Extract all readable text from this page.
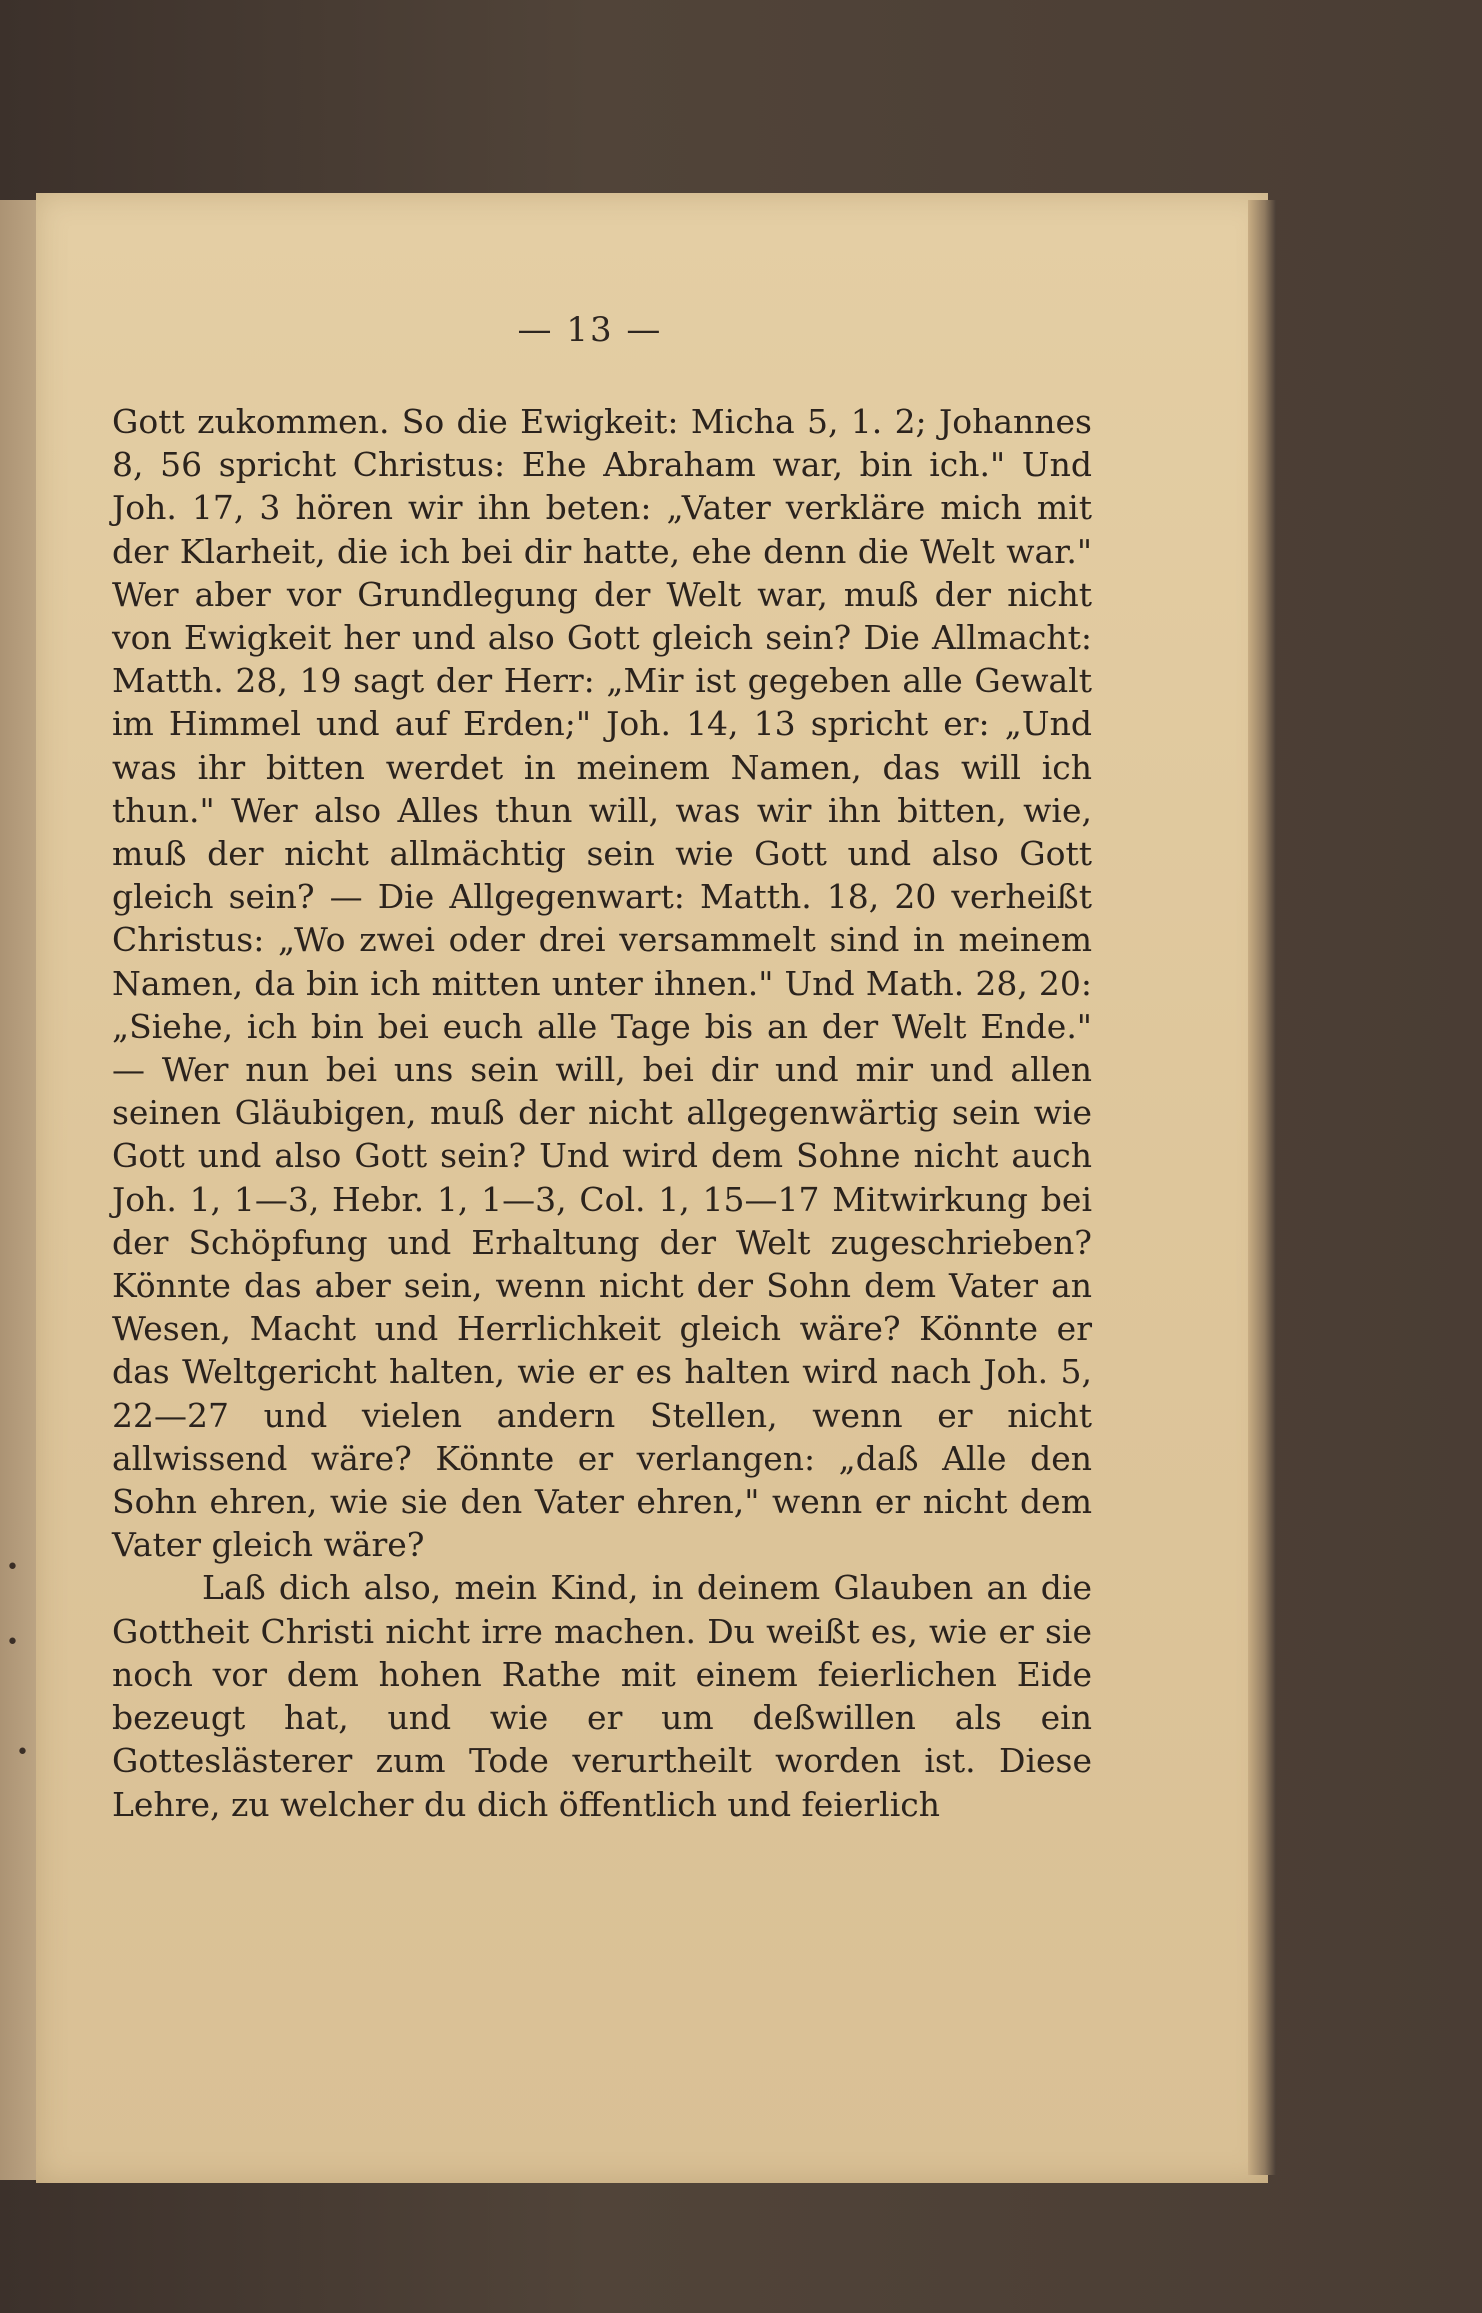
•
•
•
— 13 —

Gott zukommen. So die Ewigkeit: Micha 5, 1. 2; Johannes 8, 56 spricht Christus: Ehe Abraham war, bin ich." Und Joh. 17, 3 hören wir ihn beten: „Vater verkläre mich mit der Klarheit, die ich bei dir hatte, ehe denn die Welt war." Wer aber vor Grundlegung der Welt war, muß der nicht von Ewigkeit her und also Gott gleich sein? Die Allmacht: Matth. 28, 19 sagt der Herr: „Mir ist gegeben alle Gewalt im Himmel und auf Erden;" Joh. 14, 13 spricht er: „Und was ihr bitten werdet in meinem Namen, das will ich thun." Wer also Alles thun will, was wir ihn bitten, wie, muß der nicht allmächtig sein wie Gott und also Gott gleich sein? — Die Allgegenwart: Matth. 18, 20 verheißt Christus: „Wo zwei oder drei versammelt sind in meinem Namen, da bin ich mitten unter ihnen." Und Math. 28, 20: „Siehe, ich bin bei euch alle Tage bis an der Welt Ende." — Wer nun bei uns sein will, bei dir und mir und allen seinen Gläubigen, muß der nicht allgegenwärtig sein wie Gott und also Gott sein? Und wird dem Sohne nicht auch Joh. 1, 1—3, Hebr. 1, 1—3, Col. 1, 15—17 Mitwirkung bei der Schöpfung und Erhaltung der Welt zugeschrieben? Könnte das aber sein, wenn nicht der Sohn dem Vater an Wesen, Macht und Herrlichkeit gleich wäre? Könnte er das Weltgericht halten, wie er es halten wird nach Joh. 5, 22—27 und vielen andern Stellen, wenn er nicht allwissend wäre? Könnte er verlangen: „daß Alle den Sohn ehren, wie sie den Vater ehren," wenn er nicht dem Vater gleich wäre?

Laß dich also, mein Kind, in deinem Glauben an die Gottheit Christi nicht irre machen. Du weißt es, wie er sie noch vor dem hohen Rathe mit einem feierlichen Eide bezeugt hat, und wie er um deßwillen als ein Gotteslästerer zum Tode verurtheilt worden ist. Diese Lehre, zu welcher du dich öffentlich und feierlich
